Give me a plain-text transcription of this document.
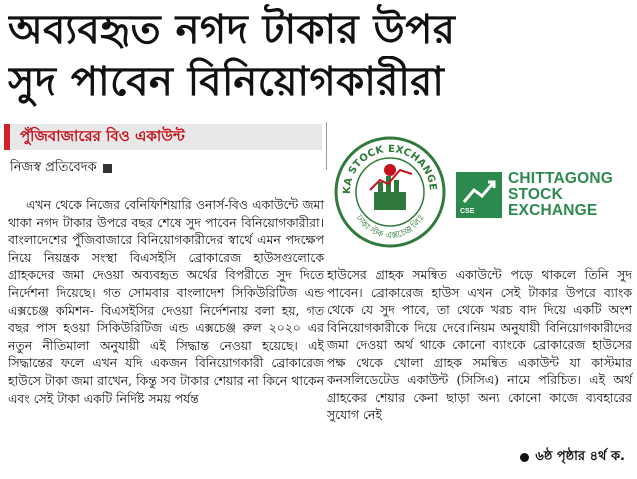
অব্যবহৃত নগদ টাকার উপর
সুদ পাবেন বিনিয়োগকারীরা
পুঁজিবাজারের বিও একাউন্ট
নিজস্ব প্রতিবেদক
KA STOCK EXCHANGE
ঢাকা স্টক এক্সচেঞ্জ লিঃ
CSE
CHITTAGONG
STOCK
EXCHANGE

এখন থেকে নিজের বেনিফিশিয়ারি ওনার্স-বিও একাউন্টে জমা থাকা নগদ টাকার উপরে বছর শেষে সুদ পাবেন বিনিয়োগকারীরা। বাংলাদেশের পুঁজিবাজারে বিনিয়োগকারীদের স্বার্থে এমন পদক্ষেপ নিয়ে নিয়ন্ত্রক সংস্থা বিএসইসি ব্রোকারেজ হাউসগুলোকে গ্রাহকদের জমা দেওয়া অব্যবহৃত অর্থের বিপরীতে সুদ দিতে নির্দেশনা দিয়েছে। গত সোমবার বাংলাদেশ সিকিউরিটিজ এন্ড এক্সচেঞ্জ কমিশন- বিএসইসির দেওয়া নির্দেশনায় বলা হয়, গত বছর পাস হওয়া সিকিউরিটিজ এন্ড এক্সচেঞ্জ রুল ২০২০ এর নতুন নীতিমালা অনুযায়ী এই সিদ্ধান্ত নেওয়া হয়েছে। এই সিদ্ধান্তের ফলে এখন যদি একজন বিনিয়োগকারী ব্রোকারেজ হাউসে টাকা জমা রাখেন, কিন্তু সব টাকার শেয়ার না কিনে থাকেন এবং সেই টাকা একটি নির্দিষ্ট সময় পর্যন্ত

হাউসের গ্রাহক সমন্বিত একাউন্টে পড়ে থাকলে তিনি সুদ পাবেন। ব্রোকারেজ হাউস এখন সেই টাকার উপরে ব্যাংক থেকে যে সুদ পাবে, তা থেকে খরচ বাদ দিয়ে একটি অংশ বিনিয়োগকারীকে দিয়ে দেবে।নিয়ম অনুযায়ী বিনিয়োগকারীদের জমা দেওয়া অর্থ থাকে কোনো ব্যাংকে ব্রোকারেজ হাউসের পক্ষ থেকে খোলা গ্রাহক সমন্বিত একাউন্ট যা কাস্টমার কনসলিডেটেড একাউন্ট (সিসিএ) নামে পরিচিত। এই অর্থ গ্রাহকের শেয়ার কেনা ছাড়া অন্য কোনো কাজে ব্যবহারের সুযোগ নেই

৬ষ্ঠ পৃষ্ঠার ৪র্থ ক.
